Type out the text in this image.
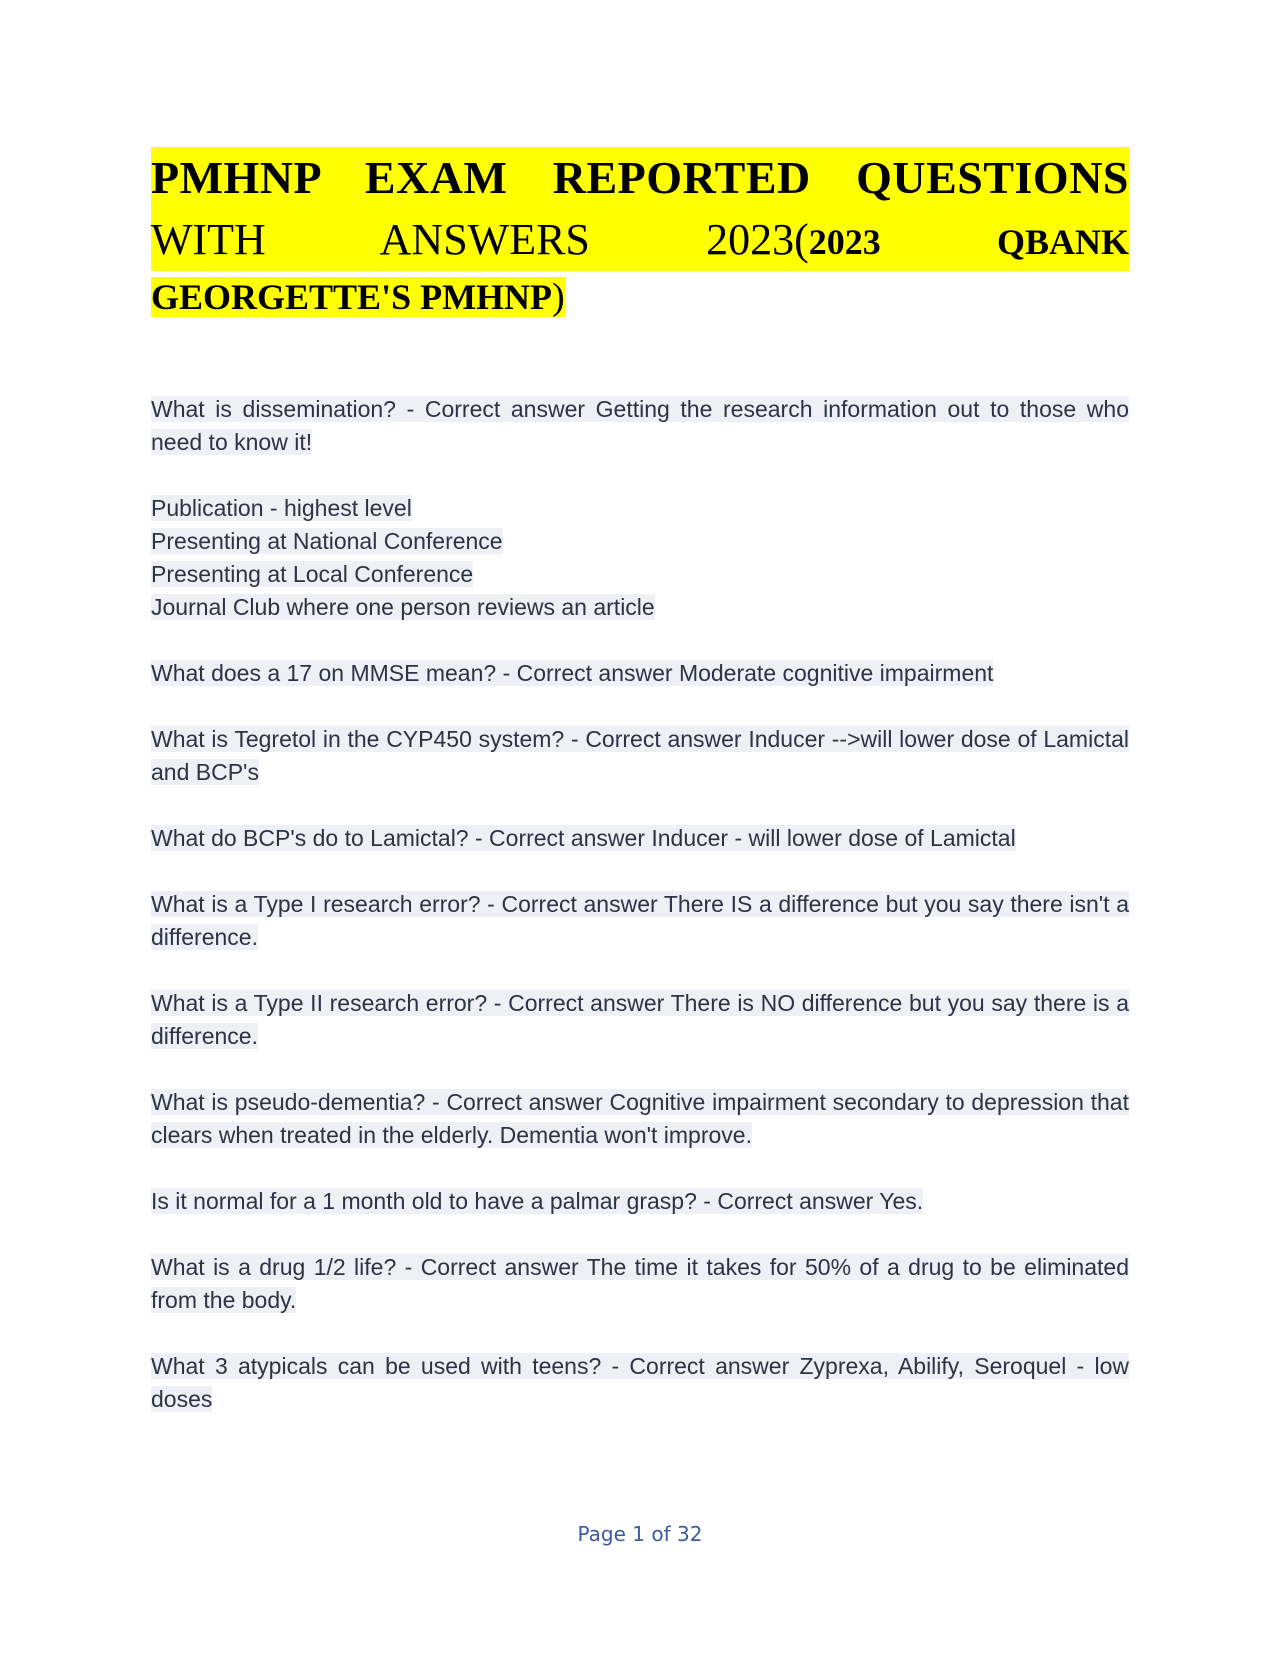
PMHNP EXAM REPORTED QUESTIONS
WITH	ANSWERS	2023(2023	QBANK
GEORGETTE'S PMHNP)

What is dissemination? - Correct answer Getting the research information out to those who need to know it!

Publication - highest level
Presenting at National Conference
Presenting at Local Conference
Journal Club where one person reviews an article

What does a 17 on MMSE mean? - Correct answer Moderate cognitive impairment

What is Tegretol in the CYP450 system? - Correct answer Inducer -->will lower dose of Lamictal and BCP's

What do BCP's do to Lamictal? - Correct answer Inducer - will lower dose of Lamictal

What is a Type I research error? - Correct answer There IS a difference but you say there isn't a difference.

What is a Type II research error? - Correct answer There is NO difference but you say there is a difference.

What is pseudo-dementia? - Correct answer Cognitive impairment secondary to depression that clears when treated in the elderly. Dementia won't improve.

Is it normal for a 1 month old to have a palmar grasp? - Correct answer Yes.

What is a drug 1/2 life? - Correct answer The time it takes for 50% of a drug to be eliminated from the body.

What 3 atypicals can be used with teens? - Correct answer Zyprexa, Abilify, Seroquel - low doses

Page 1 of 32
